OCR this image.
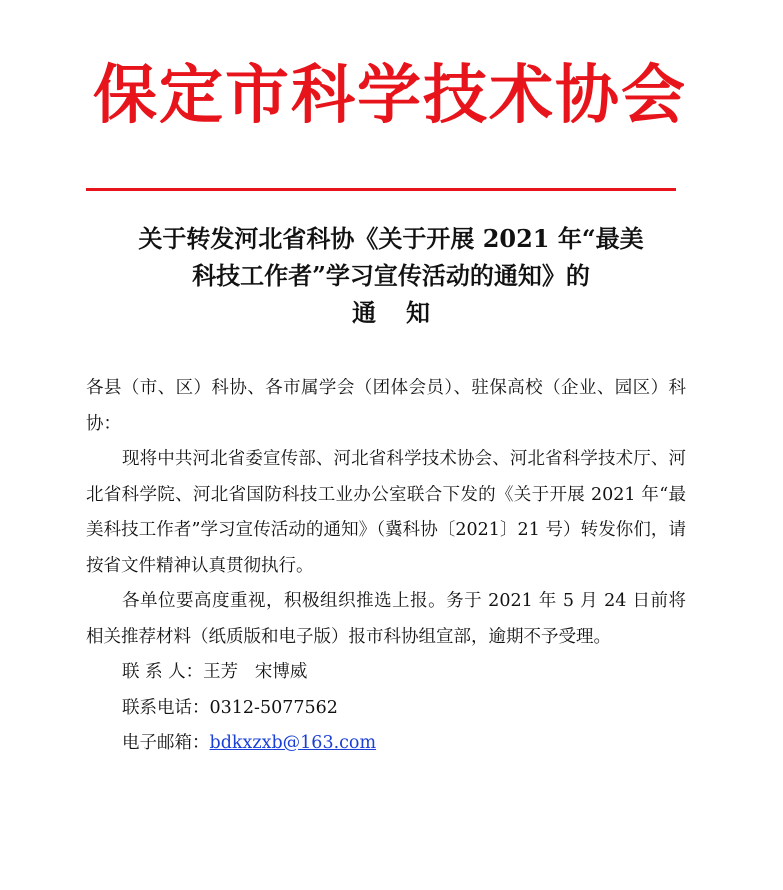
保定市科学技术协会
关于转发河北省科协《关于开展 2021 年“最美
科技工作者”学习宣传活动的通知》的
通知

各县（市、区）科协、各市属学会（团体会员）、驻保高校（企业、园区）科协：

现将中共河北省委宣传部、河北省科学技术协会、河北省科学技术厅、河北省科学院、河北省国防科技工业办公室联合下发的《关于开展 2021 年“最美科技工作者”学习宣传活动的通知》（冀科协〔2021〕21 号）转发你们，请按省文件精神认真贯彻执行。

各单位要高度重视，积极组织推选上报。务于 2021 年 5 月 24 日前将相关推荐材料（纸质版和电子版）报市科协组宣部，逾期不予受理。

联 系 人：王芳   宋博威

联系电话：0312-5077562

电子邮箱：bdkxzxb@163.com
